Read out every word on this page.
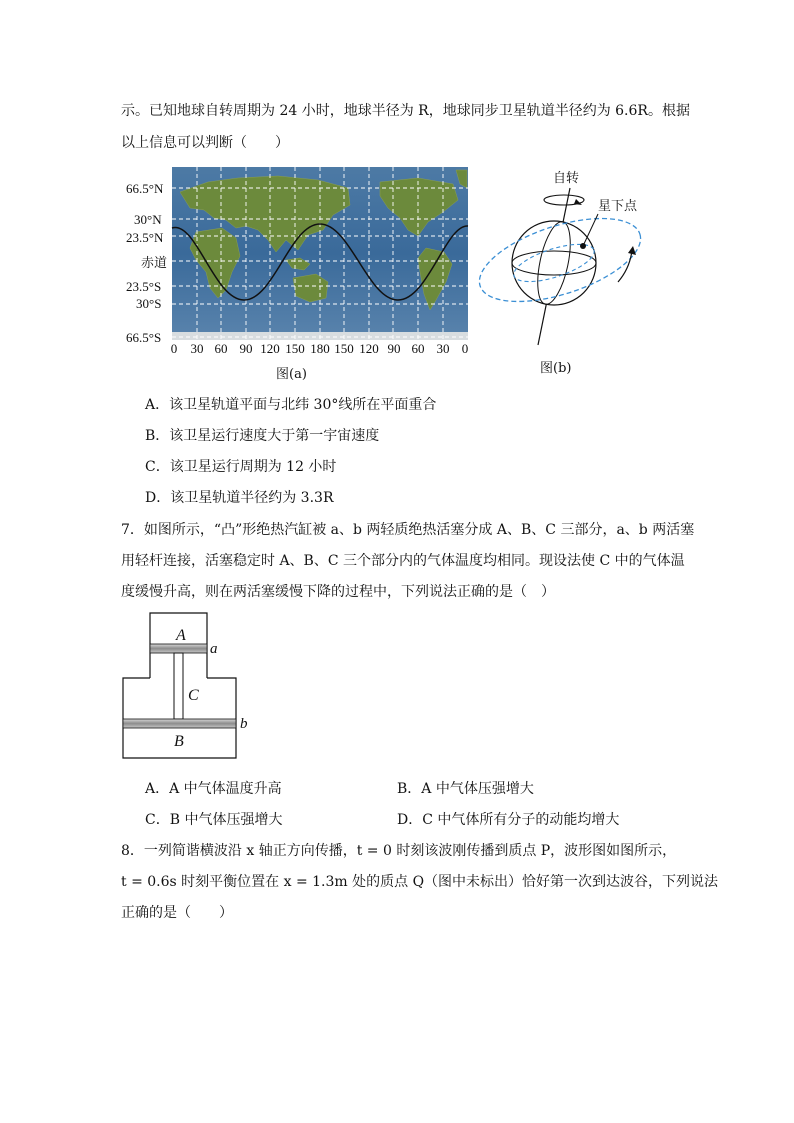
示。已知地球自转周期为 24 小时，地球半径为 R，地球同步卫星轨道半径约为 6.6R。根据
以上信息可以判断（　　）
66.5°N
30°N
23.5°N
赤道
23.5°S
30°S
66.5°S
0 30 60 90 120 150 180 150 120 90 60 30 0
图(a)
自转
星下点
图(b)
A．该卫星轨道平面与北纬 30°线所在平面重合
B．该卫星运行速度大于第一宇宙速度
C．该卫星运行周期为 12 小时
D．该卫星轨道半径约为 3.3R
7．如图所示，“凸”形绝热汽缸被 a、b 两轻质绝热活塞分成 A、B、C 三部分，a、b 两活塞
用轻杆连接，活塞稳定时 A、B、C 三个部分内的气体温度均相同。现设法使 C 中的气体温
度缓慢升高，则在两活塞缓慢下降的过程中，下列说法正确的是（　）
A
a
C
b
B
A．A 中气体温度升高	B．A 中气体压强增大
C．B 中气体压强增大	D．C 中气体所有分子的动能均增大
8．一列简谐横波沿 x 轴正方向传播，t = 0 时刻该波刚传播到质点 P，波形图如图所示，
t = 0.6s 时刻平衡位置在 x = 1.3m 处的质点 Q（图中未标出）恰好第一次到达波谷，下列说法
正确的是（　　）
